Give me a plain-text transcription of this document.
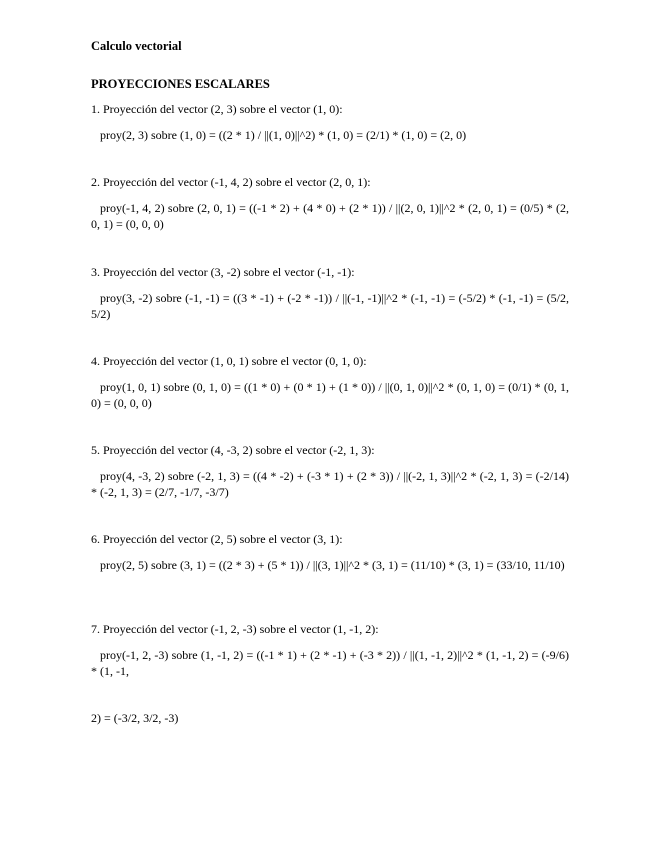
Calculo vectorial
PROYECCIONES ESCALARES
1. Proyección del vector (2, 3) sobre el vector (1, 0):
proy(2, 3) sobre (1, 0) = ((2 * 1) / ||(1, 0)||^2) * (1, 0) = (2/1) * (1, 0) = (2, 0)
2. Proyección del vector (-1, 4, 2) sobre el vector (2, 0, 1):
proy(-1, 4, 2) sobre (2, 0, 1) = ((-1 * 2) + (4 * 0) + (2 * 1)) / ||(2, 0, 1)||^2 * (2, 0, 1) = (0/5) * (2, 0, 1) = (0, 0, 0)
3. Proyección del vector (3, -2) sobre el vector (-1, -1):
proy(3, -2) sobre (-1, -1) = ((3 * -1) + (-2 * -1)) / ||(-1, -1)||^2 * (-1, -1) = (-5/2) * (-1, -1) = (5/2, 5/2)
4. Proyección del vector (1, 0, 1) sobre el vector (0, 1, 0):
proy(1, 0, 1) sobre (0, 1, 0) = ((1 * 0) + (0 * 1) + (1 * 0)) / ||(0, 1, 0)||^2 * (0, 1, 0) = (0/1) * (0, 1, 0) = (0, 0, 0)
5. Proyección del vector (4, -3, 2) sobre el vector (-2, 1, 3):
proy(4, -3, 2) sobre (-2, 1, 3) = ((4 * -2) + (-3 * 1) + (2 * 3)) / ||(-2, 1, 3)||^2 * (-2, 1, 3) = (-2/14) * (-2, 1, 3) = (2/7, -1/7, -3/7)
6. Proyección del vector (2, 5) sobre el vector (3, 1):
proy(2, 5) sobre (3, 1) = ((2 * 3) + (5 * 1)) / ||(3, 1)||^2 * (3, 1) = (11/10) * (3, 1) = (33/10, 11/10)
7. Proyección del vector (-1, 2, -3) sobre el vector (1, -1, 2):
proy(-1, 2, -3) sobre (1, -1, 2) = ((-1 * 1) + (2 * -1) + (-3 * 2)) / ||(1, -1, 2)||^2 * (1, -1, 2) = (-9/6) * (1, -1,
2) = (-3/2, 3/2, -3)
